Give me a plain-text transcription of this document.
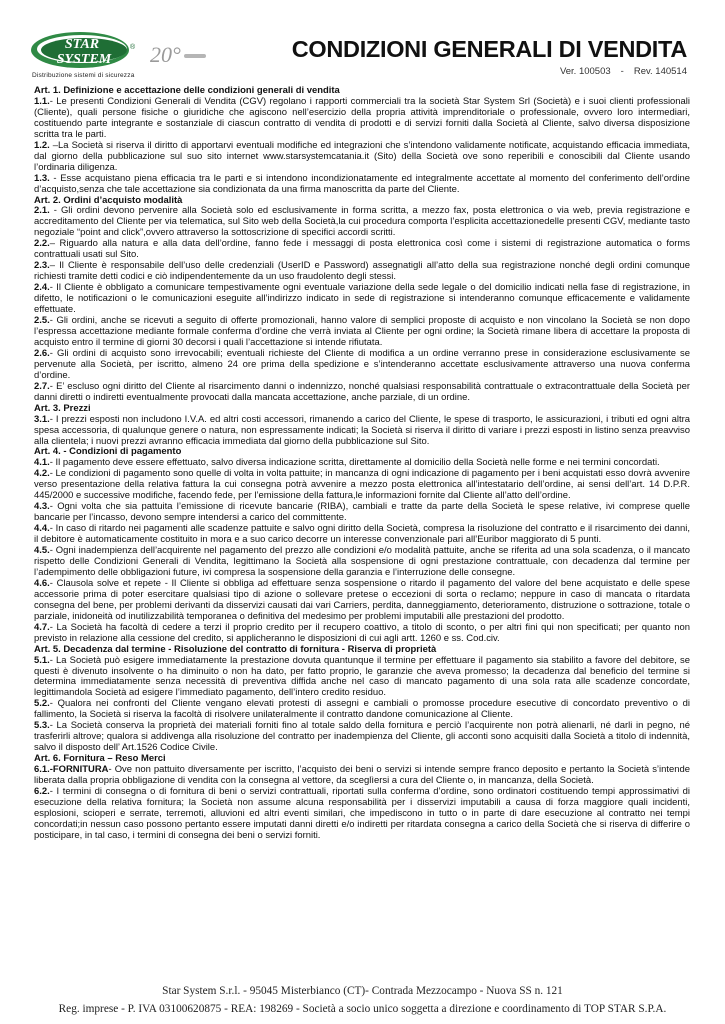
STAR
SYSTEM
®
Distribuzione sistemi di sicurezza
20°	CONDIZIONI GENERALI DI VENDITA
Ver. 100503 - Rev. 140514

Art. 1. Definizione e accettazione delle condizioni generali di vendita

1.1.- Le presenti Condizioni Generali di Vendita (CGV) regolano i rapporti commerciali tra la società Star System Srl (Società) e i suoi clienti professionali (Cliente), quali persone fisiche o giuridiche che agiscono nell’esercizio della propria attività imprenditoriale o professionale, ovvero loro intermediari, costituendo parte integrante e sostanziale di ciascun contratto di vendita di prodotti e di servizi forniti dalla Società al Cliente, salvo diversa disposizione scritta tra le parti.

1.2. –La Società si riserva il diritto di apportarvi eventuali modifiche ed integrazioni che s’intendono validamente notificate, acquistando efficacia immediata, dal giorno della pubblicazione sul suo sito internet www.starsystemcatania.it (Sito) della Società ove sono reperibili e conoscibili dal Cliente usando l’ordinaria diligenza.

1.3. - Esse acquistano piena efficacia tra le parti e si intendono incondizionatamente ed integralmente accettate al momento del conferimento dell’ordine d’acquisto,senza che tale accettazione sia condizionata da una firma manoscritta da parte del Cliente.

Art. 2. Ordini d’acquisto modalità

2.1. - Gli ordini devono pervenire alla Società solo ed esclusivamente in forma scritta, a mezzo fax, posta elettronica o via web, previa registrazione e accreditamento del Cliente per via telematica, sul Sito web della Società,la cui procedura comporta l’esplicita accettazionedelle presenti CGV, mediante tasto negoziale “point and click”,ovvero attraverso la sottoscrizione di specifici accordi scritti.

2.2.– Riguardo alla natura e alla data dell’ordine, fanno fede i messaggi di posta elettronica così come i sistemi di registrazione automatica o forms contrattuali usati sul Sito.

2.3.– Il Cliente è responsabile dell’uso delle credenziali (UserID e Password) assegnatigli all’atto della sua registrazione nonché degli ordini comunque richiesti tramite detti codici e ciò indipendentemente da un uso fraudolento degli stessi.

2.4.- Il Cliente è obbligato a comunicare tempestivamente ogni eventuale variazione della sede legale o del domicilio indicati nella fase di registrazione, in difetto, le notificazioni o le comunicazioni eseguite all’indirizzo indicato in sede di registrazione si intenderanno comunque efficacemente e validamente effettuate.

2.5.- Gli ordini, anche se ricevuti a seguito di offerte promozionali, hanno valore di semplici proposte di acquisto e non vincolano la Società se non dopo l’espressa accettazione mediante formale conferma d’ordine che verrà inviata al Cliente per ogni ordine; la Società rimane libera di accettare la proposta di acquisto entro il termine di giorni 30 decorsi i quali l’accettazione si intende rifiutata.

2.6.- Gli ordini di acquisto sono irrevocabili; eventuali richieste del Cliente di modifica a un ordine verranno prese in considerazione esclusivamente se pervenute alla Società, per iscritto, almeno 24 ore prima della spedizione e s’intenderanno accettate esclusivamente attraverso una nuova conferma d’ordine.

2.7.- E’ escluso ogni diritto del Cliente al risarcimento danni o indennizzo, nonché qualsiasi responsabilità contrattuale o extracontrattuale della Società per danni diretti o indiretti eventualmente provocati dalla mancata accettazione, anche parziale, di un ordine.

Art. 3. Prezzi

3.1.- I prezzi esposti non includono I.V.A. ed altri costi accessori, rimanendo a carico del Cliente, le spese di trasporto, le assicurazioni, i tributi ed ogni altra spesa accessoria, di qualunque genere o natura, non espressamente indicati; la Società si riserva il diritto di variare i prezzi esposti in listino senza preavviso alla clientela; i nuovi prezzi avranno efficacia immediata dal giorno della pubblicazione sul Sito.

Art. 4. - Condizioni di pagamento

4.1.- Il pagamento deve essere effettuato, salvo diversa indicazione scritta, direttamente al domicilio della Società nelle forme e nei termini concordati.

4.2.- Le condizioni di pagamento sono quelle di volta in volta pattuite; in mancanza di ogni indicazione di pagamento per i beni acquistati esso dovrà avvenire verso presentazione della relativa fattura la cui consegna potrà avvenire a mezzo posta elettronica all’intestatario dell’ordine, ai sensi dell’art. 14 D.P.R. 445/2000 e successive modifiche, facendo fede, per l’emissione della fattura,le informazioni fornite dal Cliente all’atto dell’ordine.

4.3.- Ogni volta che sia pattuita l’emissione di ricevute bancarie (RIBA), cambiali e tratte da parte della Società le spese relative, ivi comprese quelle bancarie per l’incasso, devono sempre intendersi a carico del committente.

4.4.- In caso di ritardo nei pagamenti alle scadenze pattuite e salvo ogni diritto della Società, compresa la risoluzione del contratto e il risarcimento dei danni, il debitore è automaticamente costituito in mora e a suo carico decorre un interesse convenzionale pari all’Euribor maggiorato di 5 punti.

4.5.- Ogni inadempienza dell’acquirente nel pagamento del prezzo alle condizioni e/o modalità pattuite, anche se riferita ad una sola scadenza, o il mancato rispetto delle Condizioni Generali di Vendita, legittimano la Società alla sospensione di ogni prestazione contrattuale, con decadenza dal termine per l’adempimento delle obbligazioni future, ivi compresa la sospensione della garanzia e l’interruzione delle consegne.

4.6.- Clausola solve et repete - Il Cliente si obbliga ad effettuare senza sospensione o ritardo il pagamento del valore del bene acquistato e delle spese accessorie prima di poter esercitare qualsiasi tipo di azione o sollevare pretese o eccezioni di sorta o reclamo; neppure in caso di mancata o ritardata consegna del bene, per problemi derivanti da disservizi causati dai vari Carriers, perdita, danneggiamento, deterioramento, distruzione o sottrazione, totale o parziale, inidoneità od inutilizzabilità temporanea o definitiva del medesimo per problemi imputabili alle prestazioni del prodotto.

4.7.- La Società ha facoltà di cedere a terzi il proprio credito per il recupero coattivo, a titolo di sconto, o per altri fini qui non specificati; per quanto non previsto in relazione alla cessione del credito, si applicheranno le disposizioni di cui agli artt. 1260 e ss. Cod.civ.

Art. 5. Decadenza dal termine - Risoluzione del contratto di fornitura - Riserva di proprietà

5.1.- La Società può esigere immediatamente la prestazione dovuta quantunque il termine per effettuare il pagamento sia stabilito a favore del debitore, se questi è divenuto insolvente o ha diminuito o non ha dato, per fatto proprio, le garanzie che aveva promesso; la decadenza dal beneficio del termine si determina immediatamente senza necessità di preventiva diffida anche nel caso di mancato pagamento di una sola rata alle scadenze concordate, legittimandola Società ad esigere l’immediato pagamento, dell’intero credito residuo.

5.2.- Qualora nei confronti del Cliente vengano elevati protesti di assegni e cambiali o promosse procedure esecutive di concordato preventivo o di fallimento, la Società si riserva la facoltà di risolvere unilateralmente il contratto dandone comunicazione al Cliente.

5.3.- La Società conserva la proprietà dei materiali forniti fino al totale saldo della fornitura e perciò l’acquirente non potrà alienarli, né darli in pegno, né trasferirli altrove; qualora si addivenga alla risoluzione del contratto per inadempienza del Cliente, gli acconti sono acquisiti dalla Società a titolo di indennità, salvo il disposto dell’ Art.1526 Codice Civile.

Art. 6. Fornitura – Reso Merci

6.1.-FORNITURA- Ove non pattuito diversamente per iscritto, l’acquisto dei beni o servizi si intende sempre franco deposito e pertanto la Società s’intende liberata dalla propria obbligazione di vendita con la consegna al vettore, da sceglìersi a cura del Cliente o, in mancanza, della Società.

6.2.- I termini di consegna o di fornitura di beni o servizi contrattuali, riportati sulla conferma d’ordine, sono ordinatori costituendo tempi approssimativi di esecuzione della relativa fornitura; la Società non assume alcuna responsabilità per i disservizi imputabili a causa di forza maggiore quali incidenti, esplosioni, scioperi e serrate, terremoti, alluvioni ed altri eventi similari, che impediscono in tutto o in parte di dare esecuzione al contratto nei tempi concordati;in nessun caso possono pertanto essere imputati danni diretti e/o indiretti per ritardata consegna a carico della Società che si riserva di differire o posticipare, in tal caso, i termini di consegna dei beni o servizi forniti.

Star System S.r.l. - 95045 Misterbianco (CT)- Contrada Mezzocampo - Nuova SS n. 121
Reg. imprese - P. IVA 03100620875 - REA: 198269 - Società a socio unico soggetta a direzione e coordinamento di TOP STAR S.P.A.
